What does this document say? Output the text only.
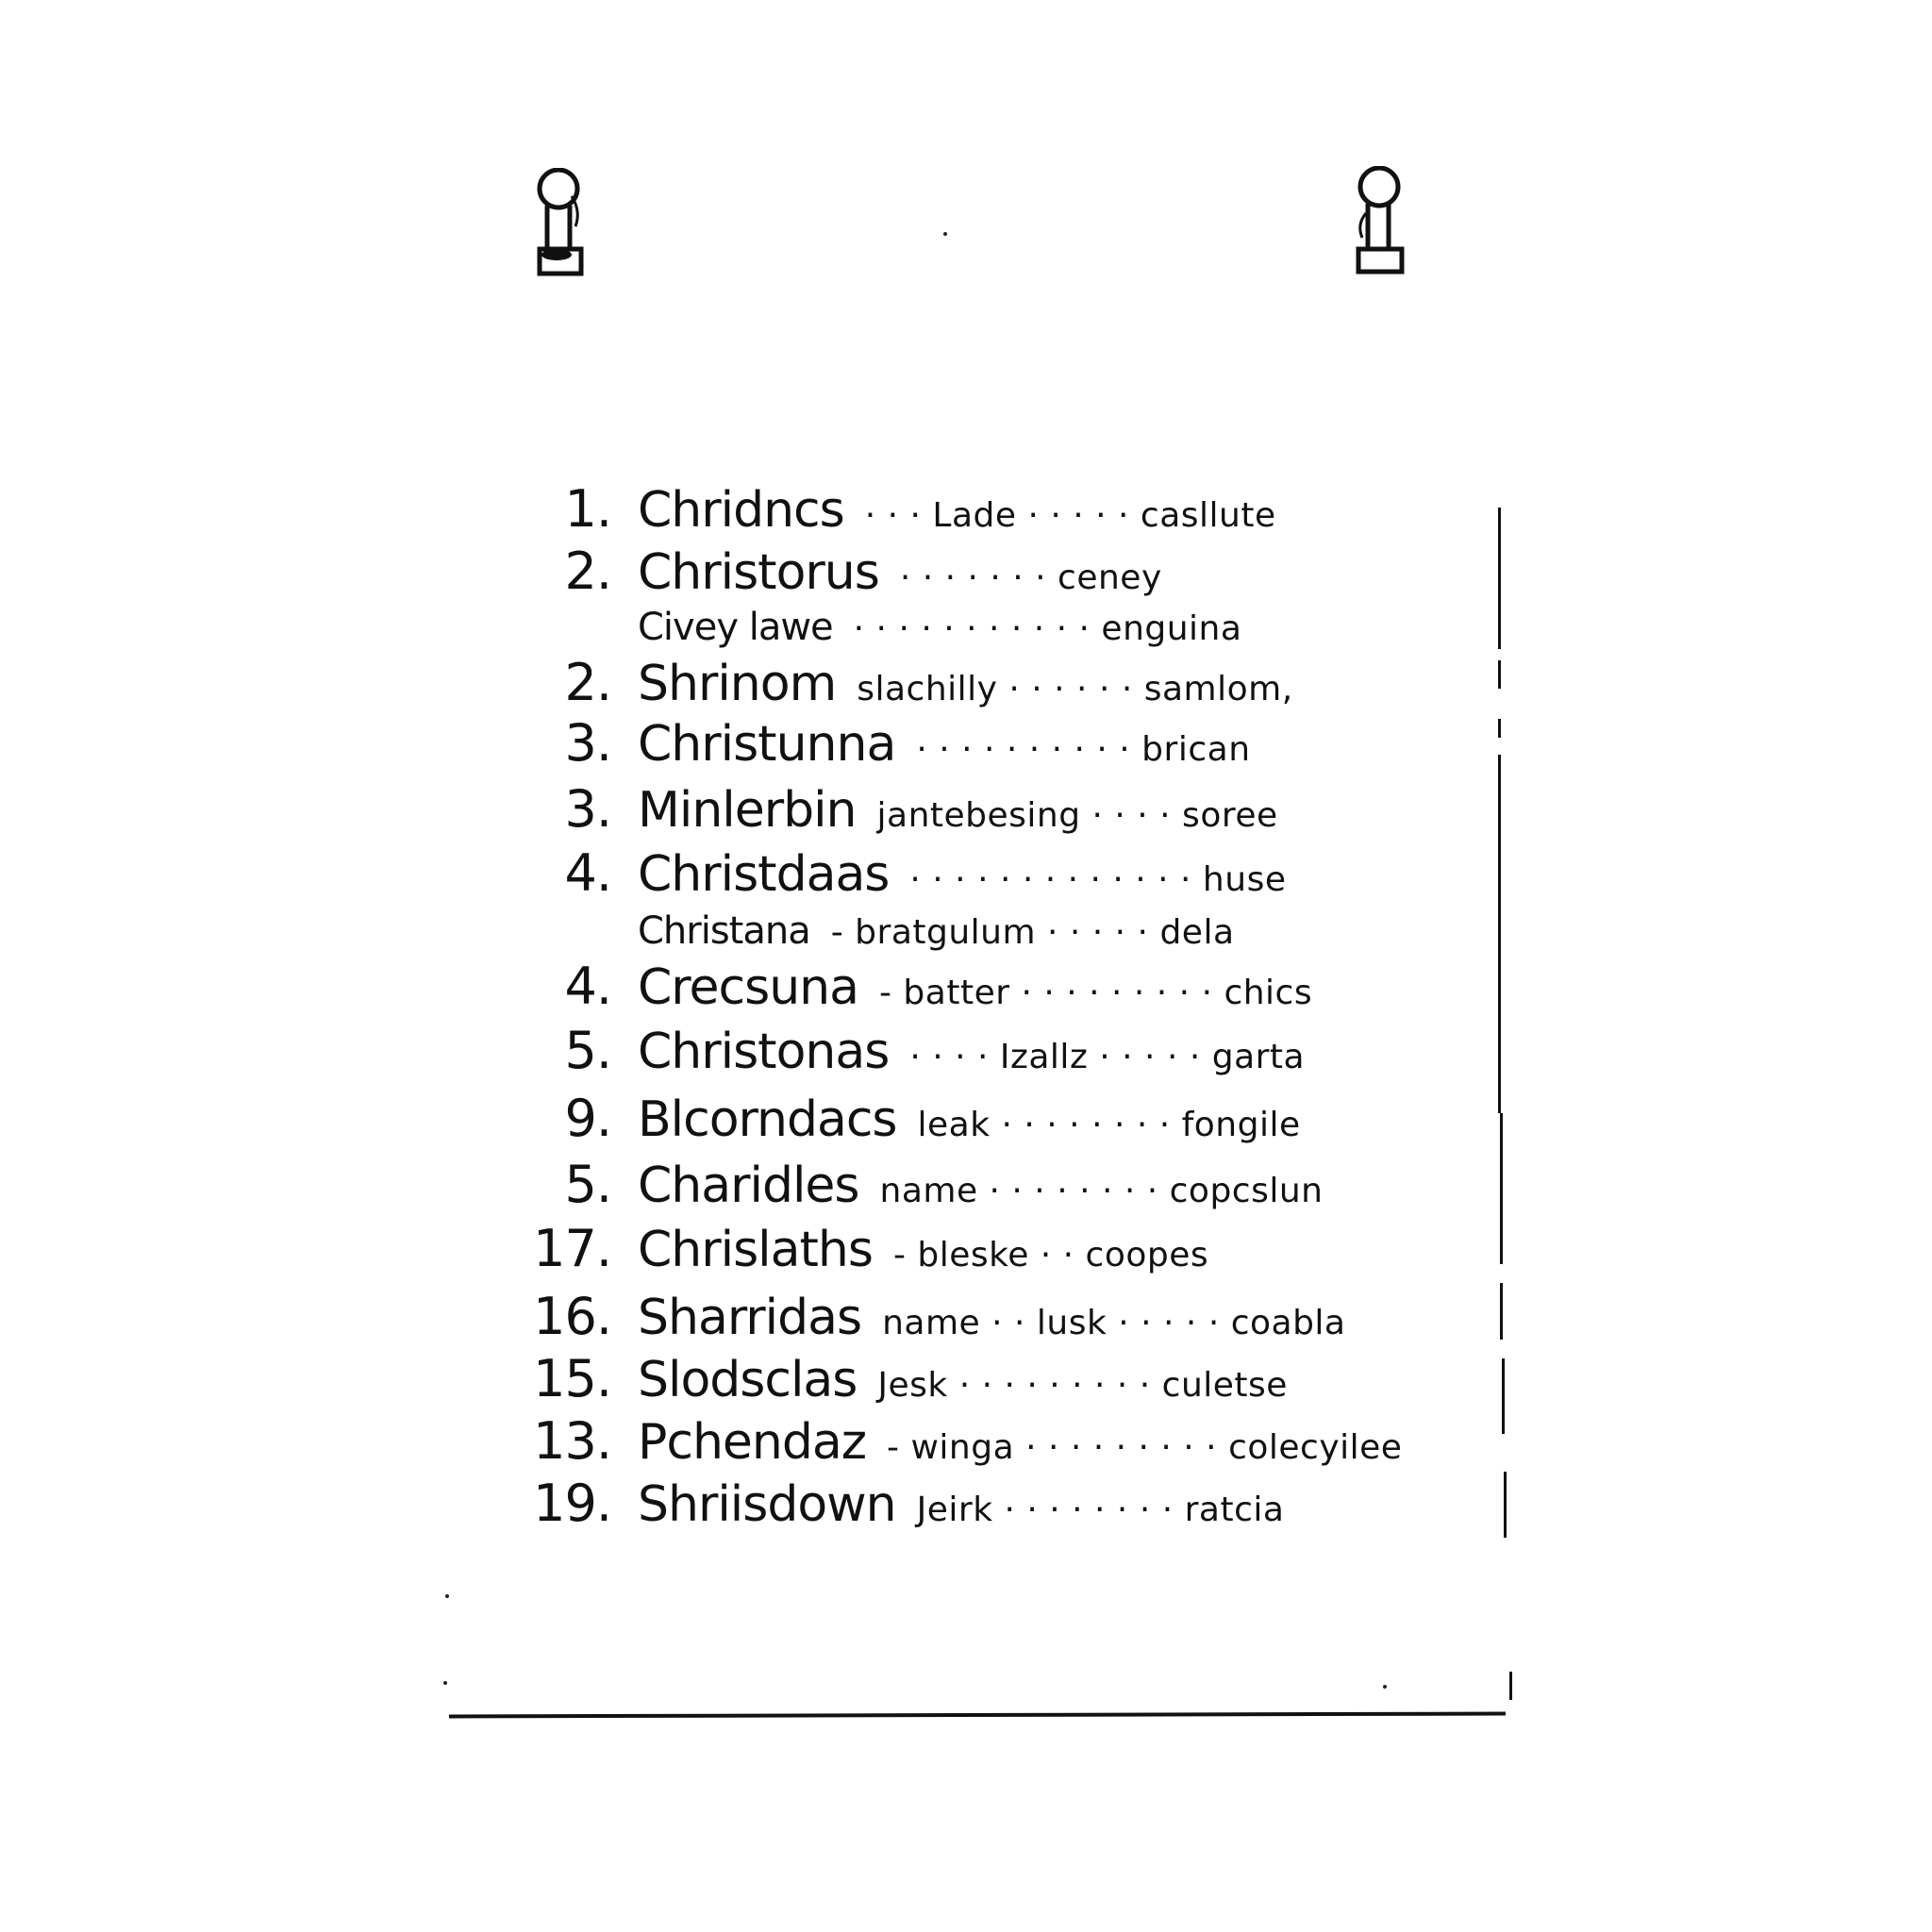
1. Chridncs · · · Lade · · · · · casllute
2. Christorus · · · · · · · ceney
Civey lawe · · · · · · · · · · · enguina
2. Shrinom slachilly · · · · · · samlom,
3. Christunna · · · · · · · · · · brican
3. Minlerbin jantebesing · · · · soree
4. Christdaas · · · · · · · · · · · · · huse
Christana - bratgulum · · · · · dela
4. Crecsuna - batter · · · · · · · · · chics
5. Christonas · · · · Izallz · · · · · garta
9. Blcorndacs leak · · · · · · · · fongile
5. Charidles name · · · · · · · · copcslun
17. Chrislaths - bleske · · coopes
16. Sharridas name · · lusk · · · · · coabla
15. Slodsclas Jesk · · · · · · · · · culetse
13. Pchendaz - winga · · · · · · · · · colecyilee
19. Shriisdown Jeirk · · · · · · · · ratcia
